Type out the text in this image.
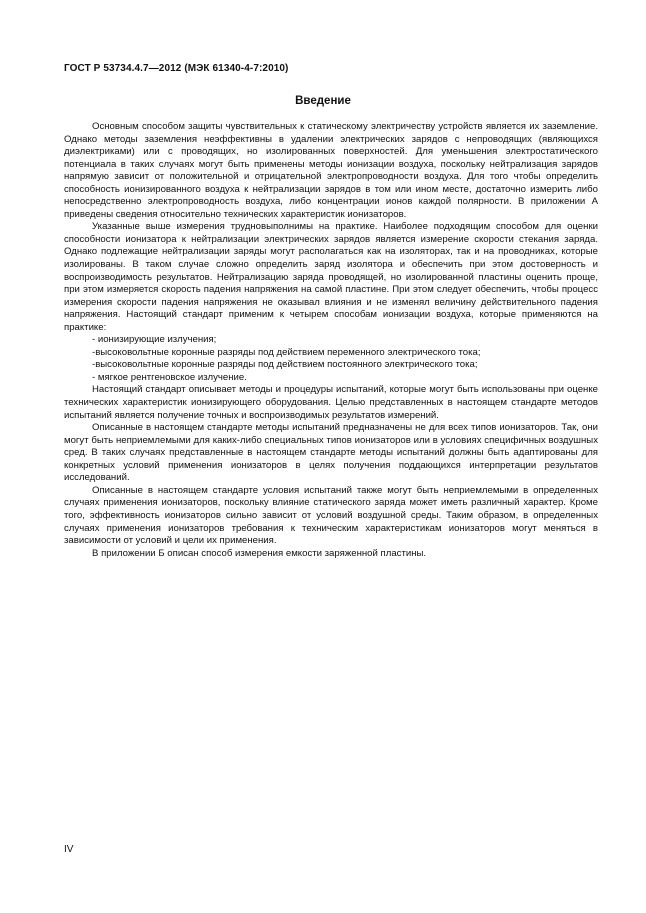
ГОСТ Р 53734.4.7—2012 (МЭК 61340-4-7:2010)
Введение

Основным способом защиты чувствительных к статическому электричеству устройств является их заземление. Однако методы заземления неэффективны в удалении электрических зарядов с непроводящих (являющихся диэлектриками) или с проводящих, но изолированных поверхностей. Для уменьшения электростатического потенциала в таких случаях могут быть применены методы ионизации воздуха, поскольку нейтрализация зарядов напрямую зависит от положительной и отрицательной электропроводности воздуха. Для того чтобы определить способность ионизированного воздуха к нейтрализации зарядов в том или ином месте, достаточно измерить либо непосредственно электропроводность воздуха, либо концентрации ионов каждой полярности. В приложении А приведены сведения относительно технических характеристик ионизаторов.

Указанные выше измерения трудновыполнимы на практике. Наиболее подходящим способом для оценки способности ионизатора к нейтрализации электрических зарядов является измерение скорости стекания заряда. Однако подлежащие нейтрализации заряды могут располагаться как на изоляторах, так и на проводниках, которые изолированы. В таком случае сложно определить заряд изолятора и обеспечить при этом достоверность и воспроизводимость результатов. Нейтрализацию заряда проводящей, но изолированной пластины оценить проще, при этом измеряется скорость падения напряжения на самой пластине. При этом следует обеспечить, чтобы процесс измерения скорости падения напряжения не оказывал влияния и не изменял величину действительного падения напряжения. Настоящий стандарт применим к четырем способам ионизации воздуха, которые применяются на практике:

- ионизирующие излучения;

-высоковольтные коронные разряды под действием переменного электрического тока;

-высоковольтные коронные разряды под действием постоянного электрического тока;

- мягкое рентгеновское излучение.

Настоящий стандарт описывает методы и процедуры испытаний, которые могут быть использованы при оценке технических характеристик ионизирующего оборудования. Целью представленных в настоящем стандарте методов испытаний является получение точных и воспроизводимых результатов измерений.

Описанные в настоящем стандарте методы испытаний предназначены не для всех типов ионизаторов. Так, они могут быть неприемлемыми для каких-либо специальных типов ионизаторов или в условиях специфичных воздушных сред. В таких случаях представленные в настоящем стандарте методы испытаний должны быть адаптированы для конкретных условий применения ионизаторов в целях получения поддающихся интерпретации результатов исследований.

Описанные в настоящем стандарте условия испытаний также могут быть неприемлемыми в определенных случаях применения ионизаторов, поскольку влияние статического заряда может иметь различный характер. Кроме того, эффективность ионизаторов сильно зависит от условий воздушной среды. Таким образом, в определенных случаях применения ионизаторов требования к техническим характеристикам ионизаторов могут меняться в зависимости от условий и цели их применения.

В приложении Б описан способ измерения емкости заряженной пластины.

IV
